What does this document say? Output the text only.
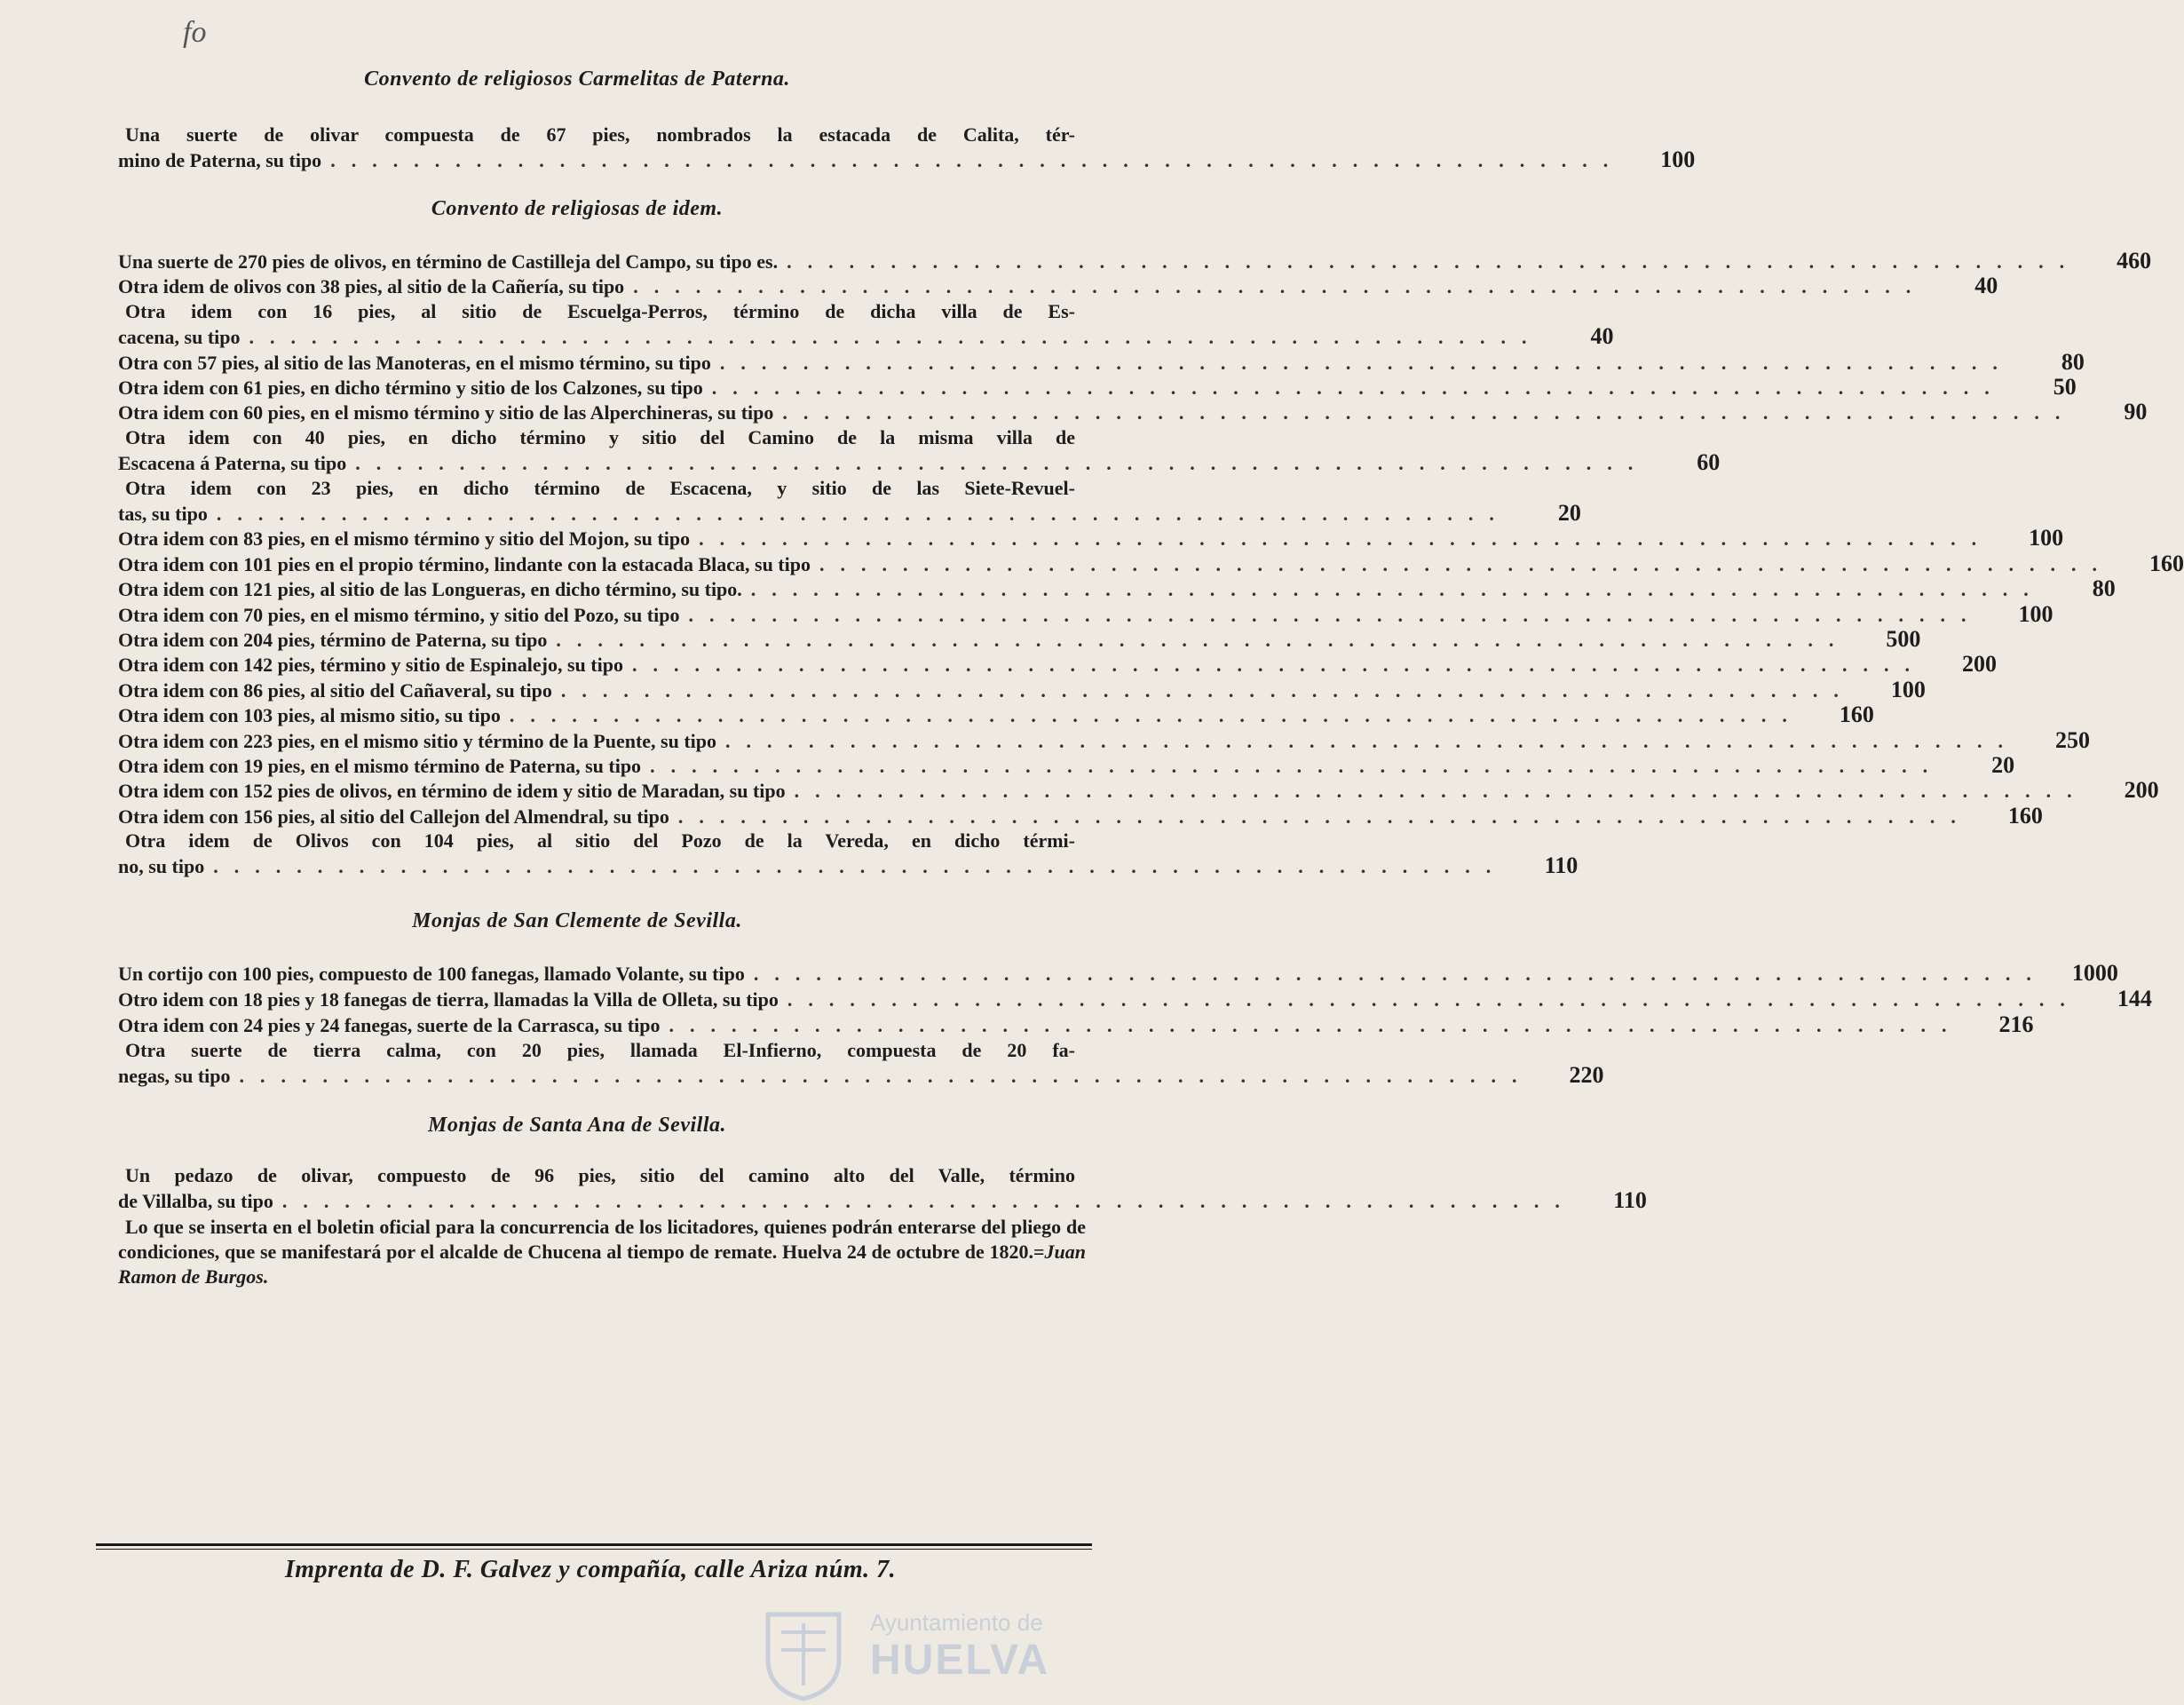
fo
Convento de religiosos Carmelitas de Paterna.
Una suerte de olivar compuesta de 67 pies, nombrados la estacada de Calita, tér-
mino de Paterna, su tipo ..............................................................	100
Convento de religiosas de idem.
Una suerte de 270 pies de olivos, en término de Castilleja del Campo, su tipo es. ..............................................................	460
Otra idem de olivos con 38 pies, al sitio de la Cañería, su tipo ..............................................................	40
Otra idem con 16 pies, al sitio de Escuelga-Perros, término de dicha villa de Es-
cacena, su tipo ..............................................................	40
Otra con 57 pies, al sitio de las Manoteras, en el mismo término, su tipo ..............................................................	80
Otra idem con 61 pies, en dicho término y sitio de los Calzones, su tipo ..............................................................	50
Otra idem con 60 pies, en el mismo término y sitio de las Alperchineras, su tipo ..............................................................	90
Otra idem con 40 pies, en dicho término y sitio del Camino de la misma villa de
Escacena á Paterna, su tipo ..............................................................	60
Otra idem con 23 pies, en dicho término de Escacena, y sitio de las Siete-Revuel-
tas, su tipo ..............................................................	20
Otra idem con 83 pies, en el mismo término y sitio del Mojon, su tipo ..............................................................	100
Otra idem con 101 pies en el propio término, lindante con la estacada Blaca, su tipo ..............................................................	160
Otra idem con 121 pies, al sitio de las Longueras, en dicho término, su tipo. ..............................................................	80
Otra idem con 70 pies, en el mismo término, y sitio del Pozo, su tipo ..............................................................	100
Otra idem con 204 pies, término de Paterna, su tipo ..............................................................	500
Otra idem con 142 pies, término y sitio de Espinalejo, su tipo ..............................................................	200
Otra idem con 86 pies, al sitio del Cañaveral, su tipo ..............................................................	100
Otra idem con 103 pies, al mismo sitio, su tipo ..............................................................	160
Otra idem con 223 pies, en el mismo sitio y término de la Puente, su tipo ..............................................................	250
Otra idem con 19 pies, en el mismo término de Paterna, su tipo ..............................................................	20
Otra idem con 152 pies de olivos, en término de idem y sitio de Maradan, su tipo ..............................................................	200
Otra idem con 156 pies, al sitio del Callejon del Almendral, su tipo ..............................................................	160
Otra idem de Olivos con 104 pies, al sitio del Pozo de la Vereda, en dicho térmi-
no, su tipo ..............................................................	110
Monjas de San Clemente de Sevilla.
Un cortijo con 100 pies, compuesto de 100 fanegas, llamado Volante, su tipo ..............................................................	1000
Otro idem con 18 pies y 18 fanegas de tierra, llamadas la Villa de Olleta, su tipo ..............................................................	144
Otra idem con 24 pies y 24 fanegas, suerte de la Carrasca, su tipo ..............................................................	216
Otra suerte de tierra calma, con 20 pies, llamada El-Infierno, compuesta de 20 fa-
negas, su tipo ..............................................................	220
Monjas de Santa Ana de Sevilla.
Un pedazo de olivar, compuesto de 96 pies, sitio del camino alto del Valle, término
de Villalba, su tipo ..............................................................	110
Lo que se inserta en el boletin oficial para la concurrencia de los licitadores, quienes podrán enterarse del pliego de condiciones, que se manifestará por el alcalde de Chucena al tiempo de remate. Huelva 24 de octubre de 1820.=Juan Ramon de Burgos.
Imprenta de D. F. Galvez y compañía, calle Ariza núm. 7.
Ayuntamiento de
HUELVA
